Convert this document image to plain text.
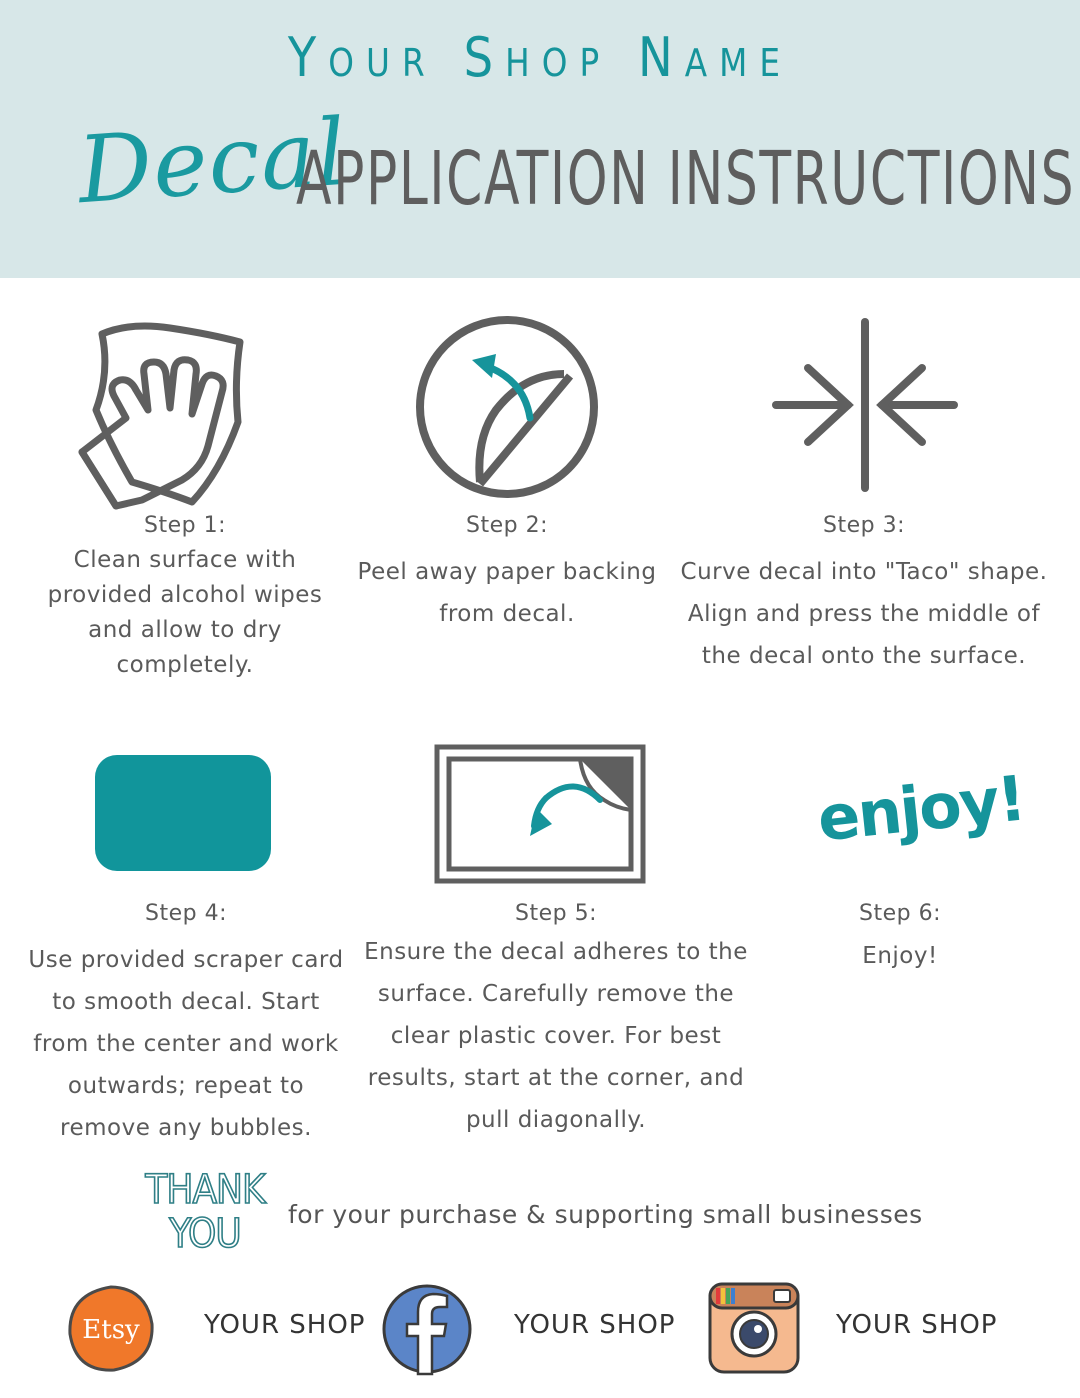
Your Shop Name
Decal
APPLICATION INSTRUCTIONS
Step 1:
Clean surface with
provided alcohol wipes
and allow to dry
completely.
Step 2:
Peel away paper backing
from decal.
Step 3:
Curve decal into "Taco" shape.
Align and press the middle of
the decal onto the surface.
enjoy!
Step 4:
Use provided scraper card
to smooth decal. Start
from the center and work
outwards; repeat to
remove any bubbles.
Step 5:
Ensure the decal adheres to the
surface. Carefully remove the
clear plastic cover. For best
results, start at the corner, and
pull diagonally.
Step 6:
Enjoy!
THANK YOU	for your purchase & supporting small businesses
Etsy YOUR SHOP	YOUR SHOP	YOUR SHOP
